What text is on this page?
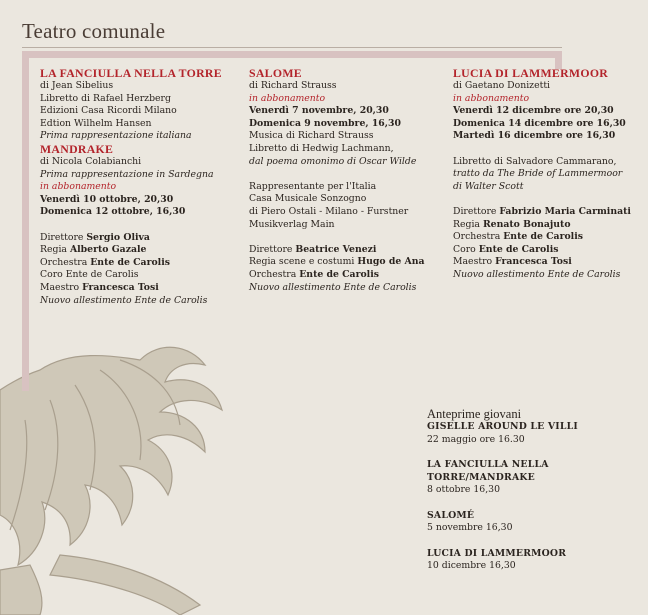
Teatro comunale
LA FANCIULLA NELLA TORRE
di Jean Sibelius
Libretto di Rafael Herzberg
Edizioni Casa Ricordi Milano
Edtion Wilhelm Hansen
Prima rappresentazione italiana
MANDRAKE
di Nicola Colabianchi
Prima rappresentazione in Sardegna
in abbonamento
Venerdì 10 ottobre, 20,30
Domenica 12 ottobre, 16,30
Direttore Sergio Oliva
Regia Alberto Gazale
Orchestra Ente de Carolis
Coro Ente de Carolis
Maestro Francesca Tosi
Nuovo allestimento Ente de Carolis
SALOME
di Richard Strauss
in abbonamento
Venerdì 7 novembre, 20,30
Domenica 9 novembre, 16,30
Musica di Richard Strauss
Libretto di Hedwig Lachmann,
dal poema omonimo di Oscar Wilde
Rappresentante per l'Italia
Casa Musicale Sonzogno
di Piero Ostali - Milano - Furstner
Musikverlag Main
Direttore Beatrice Venezi
Regia scene e costumi Hugo de Ana
Orchestra Ente de Carolis
Nuovo allestimento Ente de Carolis
LUCIA DI LAMMERMOOR
di Gaetano Donizetti
in abbonamento
Venerdì 12 dicembre ore 20,30
Domenica 14 dicembre ore 16,30
Martedì 16 dicembre ore 16,30
Libretto di Salvadore Cammarano,
tratto da The Bride of Lammermoor
di Walter Scott
Direttore Fabrizio Maria Carminati
Regia Renato Bonajuto
Orchestra Ente de Carolis
Coro Ente de Carolis
Maestro Francesca Tosi
Nuovo allestimento Ente de Carolis
Anteprime giovani
GISELLE AROUND LE VILLI
22 maggio ore 16.30
LA FANCIULLA NELLA TORRE/MANDRAKE
8 ottobre 16,30
SALOMÉ
5 novembre 16,30
LUCIA DI LAMMERMOOR
10 dicembre 16,30
